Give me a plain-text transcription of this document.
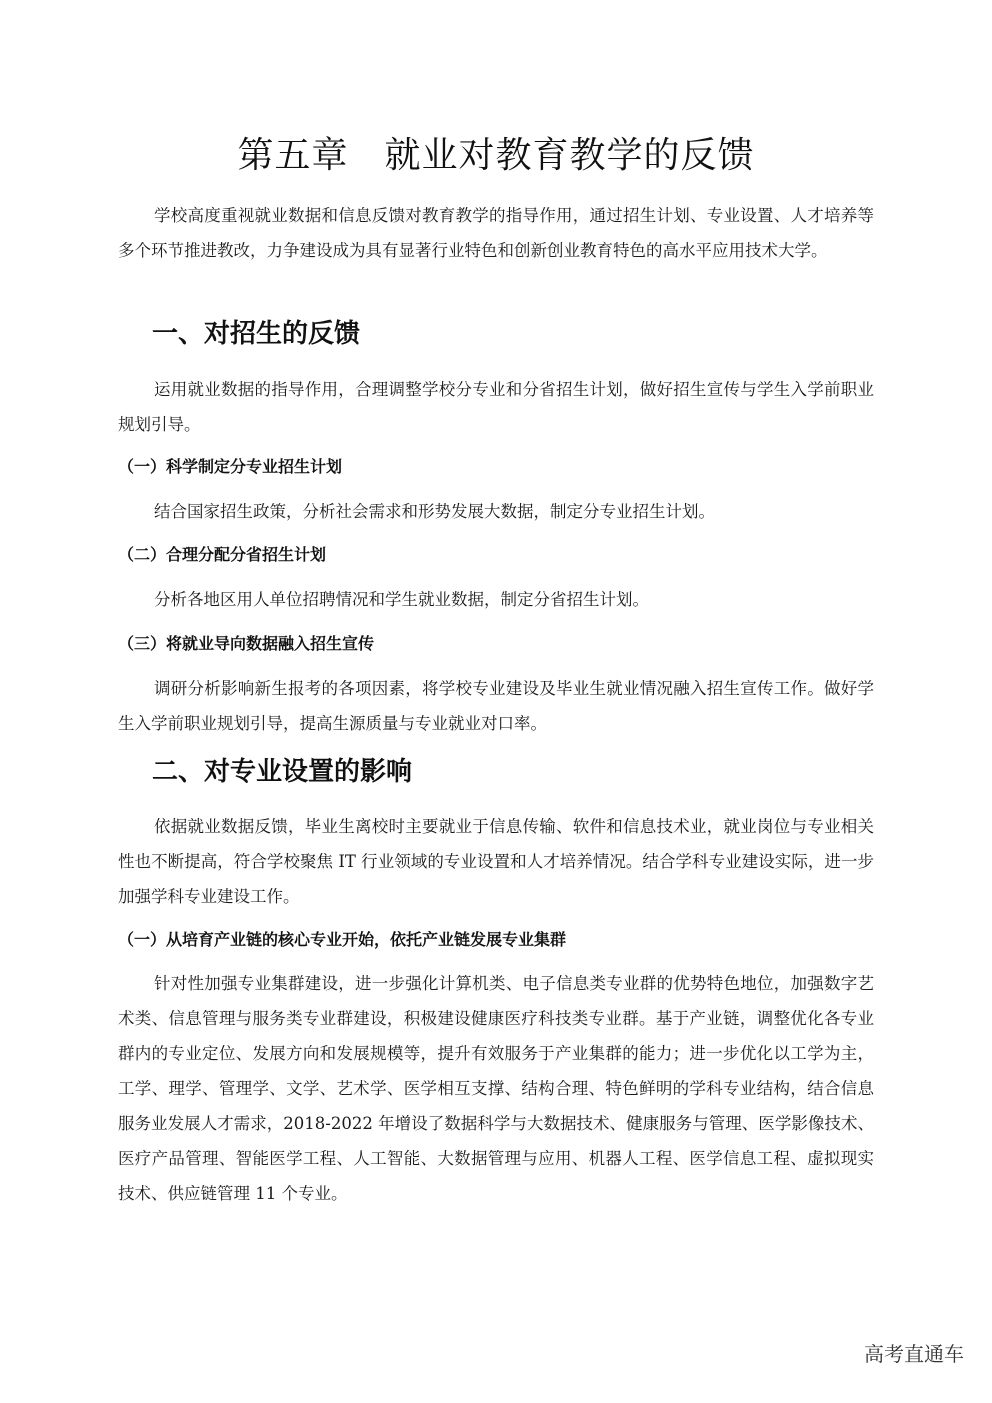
第五章 就业对教育教学的反馈

学校高度重视就业数据和信息反馈对教育教学的指导作用，通过招生计划、专业设置、人才培养等多个环节推进教改，力争建设成为具有显著行业特色和创新创业教育特色的高水平应用技术大学。

一、对招生的反馈

运用就业数据的指导作用，合理调整学校分专业和分省招生计划，做好招生宣传与学生入学前职业规划引导。

（一）科学制定分专业招生计划

结合国家招生政策，分析社会需求和形势发展大数据，制定分专业招生计划。

（二）合理分配分省招生计划

分析各地区用人单位招聘情况和学生就业数据，制定分省招生计划。

（三）将就业导向数据融入招生宣传

调研分析影响新生报考的各项因素，将学校专业建设及毕业生就业情况融入招生宣传工作。做好学生入学前职业规划引导，提高生源质量与专业就业对口率。

二、对专业设置的影响

依据就业数据反馈，毕业生离校时主要就业于信息传输、软件和信息技术业，就业岗位与专业相关性也不断提高，符合学校聚焦 IT 行业领域的专业设置和人才培养情况。结合学科专业建设实际，进一步加强学科专业建设工作。

（一）从培育产业链的核心专业开始，依托产业链发展专业集群

针对性加强专业集群建设，进一步强化计算机类、电子信息类专业群的优势特色地位，加强数字艺术类、信息管理与服务类专业群建设，积极建设健康医疗科技类专业群。基于产业链，调整优化各专业群内的专业定位、发展方向和发展规模等，提升有效服务于产业集群的能力；进一步优化以工学为主，工学、理学、管理学、文学、艺术学、医学相互支撑、结构合理、特色鲜明的学科专业结构，结合信息服务业发展人才需求，2018-2022 年增设了数据科学与大数据技术、健康服务与管理、医学影像技术、医疗产品管理、智能医学工程、人工智能、大数据管理与应用、机器人工程、医学信息工程、虚拟现实技术、供应链管理 11 个专业。

高考直通车
